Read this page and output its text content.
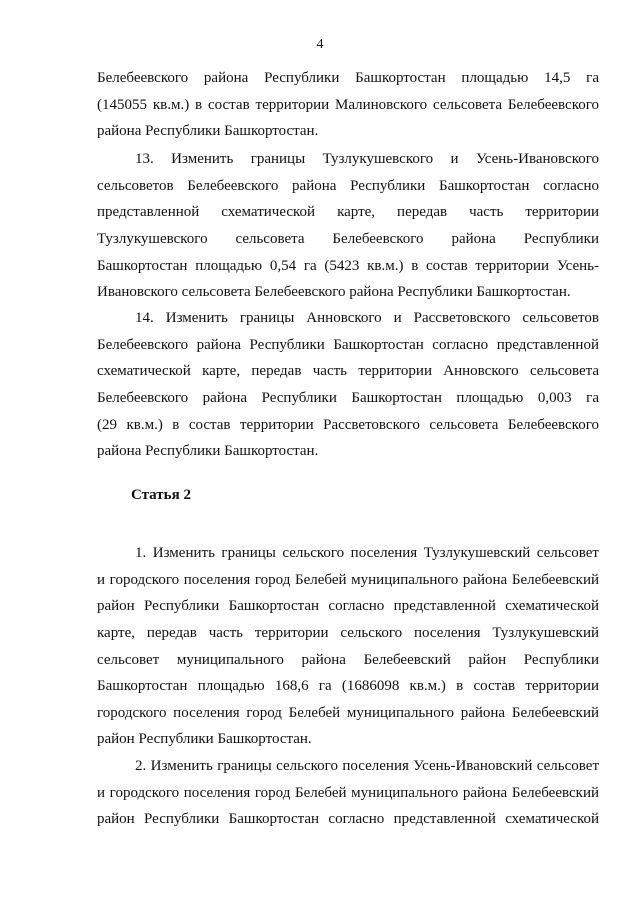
4
Белебеевского района Республики Башкортостан площадью 14,5 га
(145055 кв.м.) в состав территории Малиновского сельсовета Белебеевского
района Республики Башкортостан.
13. Изменить границы Тузлукушевского и Усень-Ивановского
сельсоветов Белебеевского района Республики Башкортостан согласно
представленной схематической карте, передав часть территории
Тузлукушевского сельсовета Белебеевского района Республики
Башкортостан площадью 0,54 га (5423 кв.м.) в состав территории Усень-
Ивановского сельсовета Белебеевского района Республики Башкортостан.
14. Изменить границы Анновского и Рассветовского сельсоветов
Белебеевского района Республики Башкортостан согласно представленной
схематической карте, передав часть территории Анновского сельсовета
Белебеевского района Республики Башкортостан площадью 0,003 га
(29 кв.м.) в состав территории Рассветовского сельсовета Белебеевского
района Республики Башкортостан.
Статья 2
1. Изменить границы сельского поселения Тузлукушевский сельсовет
и городского поселения город Белебей муниципального района Белебеевский
район Республики Башкортостан согласно представленной схематической
карте, передав часть территории сельского поселения Тузлукушевский
сельсовет муниципального района Белебеевский район Республики
Башкортостан площадью 168,6 га (1686098 кв.м.) в состав территории
городского поселения город Белебей муниципального района Белебеевский
район Республики Башкортостан.
2. Изменить границы сельского поселения Усень-Ивановский сельсовет
и городского поселения город Белебей муниципального района Белебеевский
район Республики Башкортостан согласно представленной схематической
